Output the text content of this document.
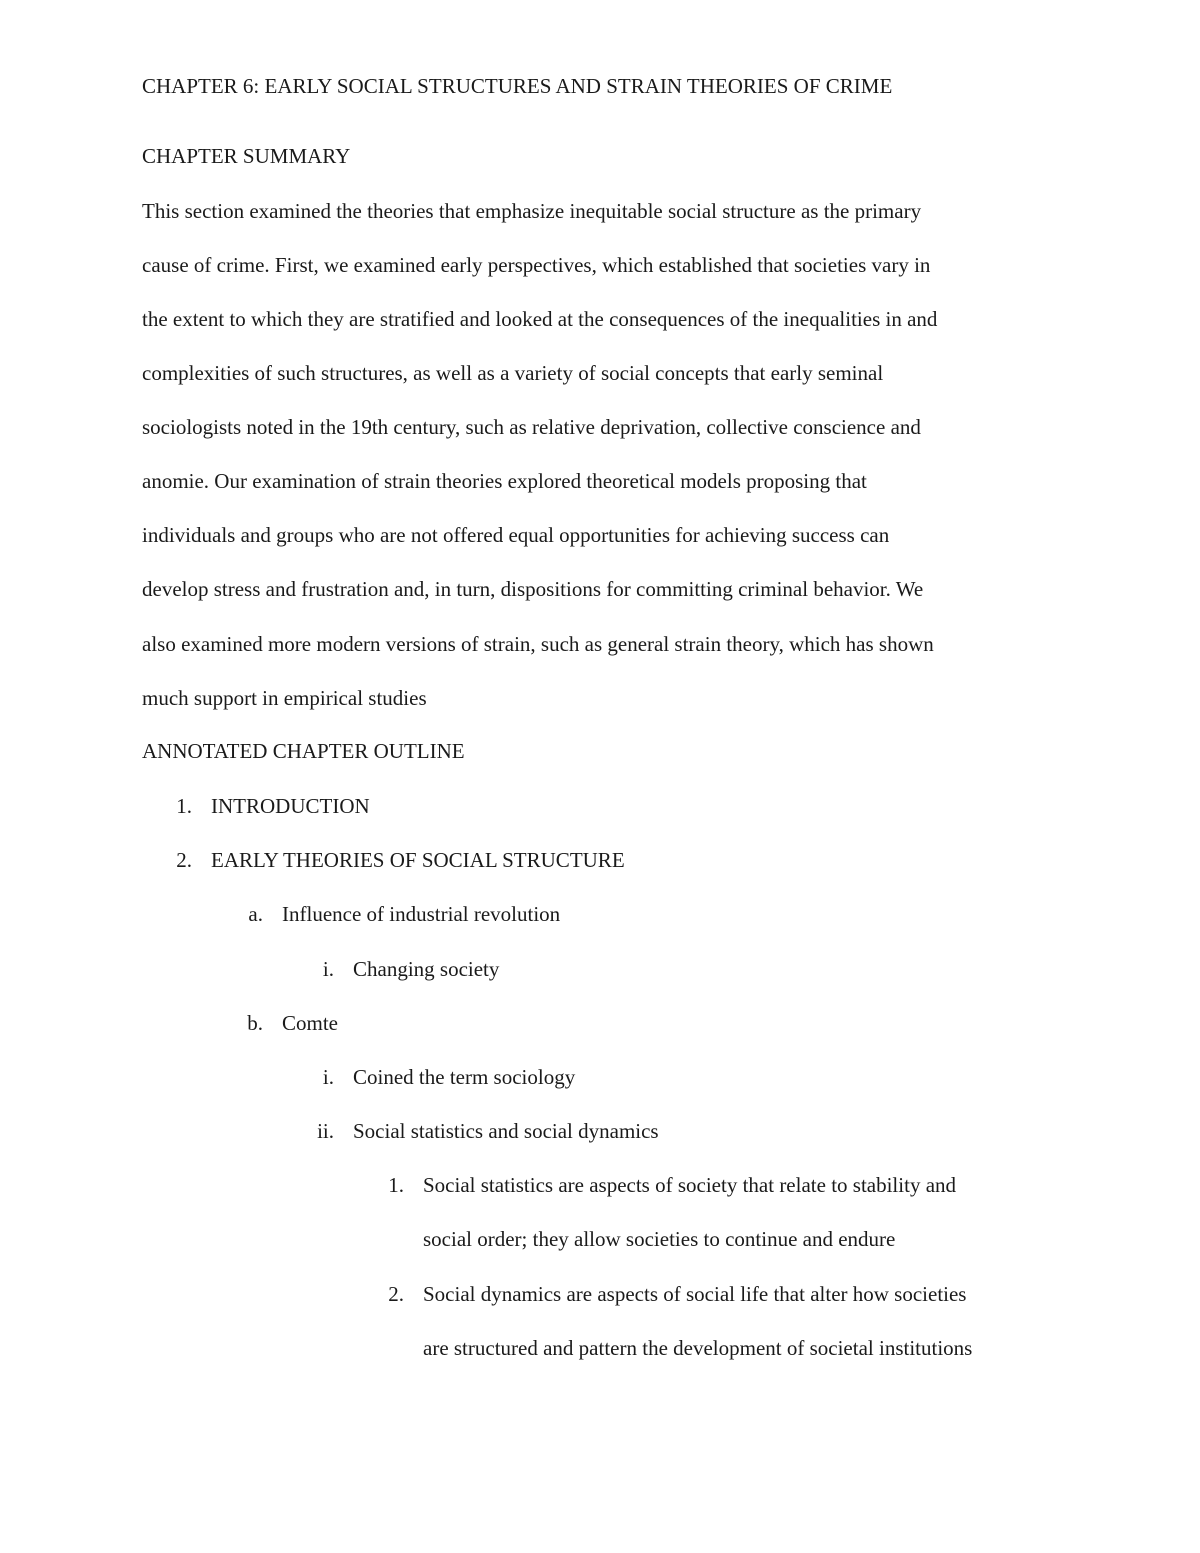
CHAPTER 6: EARLY SOCIAL STRUCTURES AND STRAIN THEORIES OF CRIME

CHAPTER SUMMARY

This section examined the theories that emphasize inequitable social structure as the primary

cause of crime. First, we examined early perspectives, which established that societies vary in

the extent to which they are stratified and looked at the consequences of the inequalities in and

complexities of such structures, as well as a variety of social concepts that early seminal

sociologists noted in the 19th century, such as relative deprivation, collective conscience and

anomie. Our examination of strain theories explored theoretical models proposing that

individuals and groups who are not offered equal opportunities for achieving success can

develop stress and frustration and, in turn, dispositions for committing criminal behavior. We

also examined more modern versions of strain, such as general strain theory, which has shown

much support in empirical studies

ANNOTATED CHAPTER OUTLINE

1. INTRODUCTION
2. EARLY THEORIES OF SOCIAL STRUCTURE
a. Influence of industrial revolution
i. Changing society
b. Comte
i. Coined the term sociology
ii. Social statistics and social dynamics
1. Social statistics are aspects of society that relate to stability and
social order; they allow societies to continue and endure
2. Social dynamics are aspects of social life that alter how societies
are structured and pattern the development of societal institutions
